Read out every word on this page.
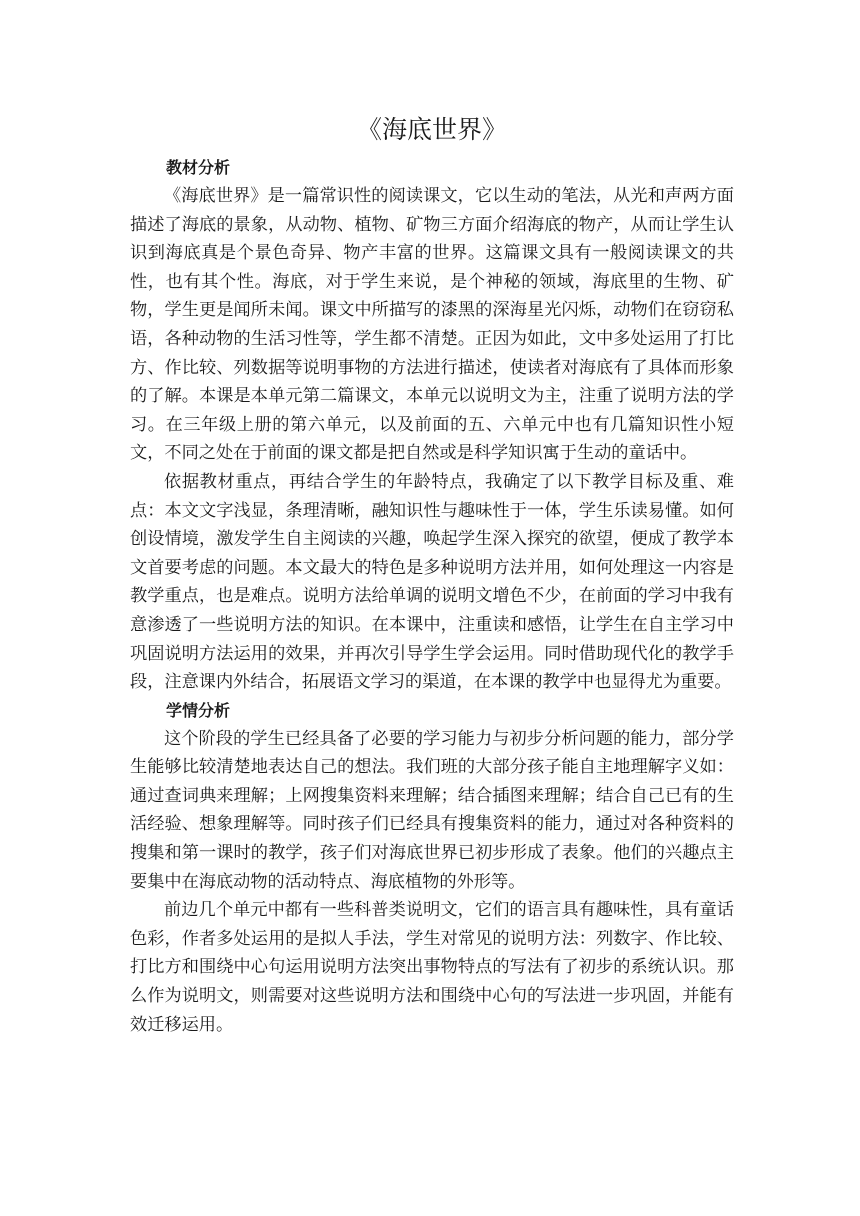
《海底世界》
教材分析

《海底世界》是一篇常识性的阅读课文，它以生动的笔法，从光和声两方面描述了海底的景象，从动物、植物、矿物三方面介绍海底的物产，从而让学生认识到海底真是个景色奇异、物产丰富的世界。这篇课文具有一般阅读课文的共性，也有其个性。海底，对于学生来说，是个神秘的领域，海底里的生物、矿物，学生更是闻所未闻。课文中所描写的漆黑的深海星光闪烁，动物们在窃窃私语，各种动物的生活习性等，学生都不清楚。正因为如此，文中多处运用了打比方、作比较、列数据等说明事物的方法进行描述，使读者对海底有了具体而形象的了解。本课是本单元第二篇课文，本单元以说明文为主，注重了说明方法的学习。在三年级上册的第六单元，以及前面的五、六单元中也有几篇知识性小短文，不同之处在于前面的课文都是把自然或是科学知识寓于生动的童话中。

依据教材重点，再结合学生的年龄特点，我确定了以下教学目标及重、难点：本文文字浅显，条理清晰，融知识性与趣味性于一体，学生乐读易懂。如何创设情境，激发学生自主阅读的兴趣，唤起学生深入探究的欲望，便成了教学本文首要考虑的问题。本文最大的特色是多种说明方法并用，如何处理这一内容是教学重点，也是难点。说明方法给单调的说明文增色不少，在前面的学习中我有意渗透了一些说明方法的知识。在本课中，注重读和感悟，让学生在自主学习中巩固说明方法运用的效果，并再次引导学生学会运用。同时借助现代化的教学手段，注意课内外结合，拓展语文学习的渠道，在本课的教学中也显得尤为重要。

学情分析

这个阶段的学生已经具备了必要的学习能力与初步分析问题的能力，部分学生能够比较清楚地表达自己的想法。我们班的大部分孩子能自主地理解字义如：通过查词典来理解；上网搜集资料来理解；结合插图来理解；结合自己已有的生活经验、想象理解等。同时孩子们已经具有搜集资料的能力，通过对各种资料的搜集和第一课时的教学，孩子们对海底世界已初步形成了表象。他们的兴趣点主要集中在海底动物的活动特点、海底植物的外形等。

前边几个单元中都有一些科普类说明文，它们的语言具有趣味性，具有童话色彩，作者多处运用的是拟人手法，学生对常见的说明方法：列数字、作比较、打比方和围绕中心句运用说明方法突出事物特点的写法有了初步的系统认识。那么作为说明文，则需要对这些说明方法和围绕中心句的写法进一步巩固，并能有效迁移运用。
